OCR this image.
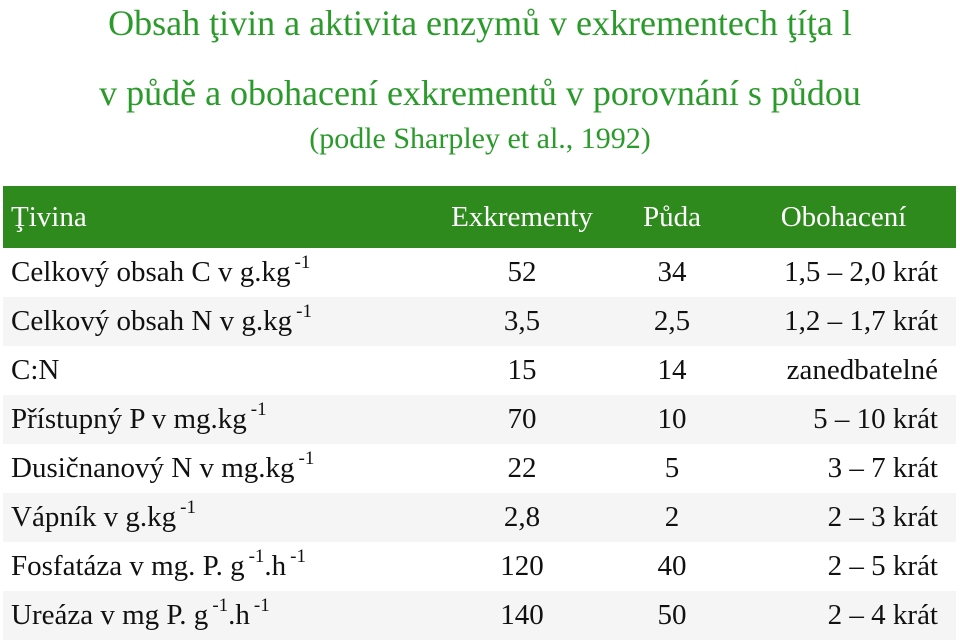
Obsah ţivin a aktivita enzymů v exkrementech ţíţa l
v půdě a obohacení exkrementů v porovnání s půdou
(podle Sharpley et al., 1992)
Ţivina	Exkrementy	Půda	Obohacení
Celkový obsah C v g.kg $^{-1}$	52	34	1,5 – 2,0 krát
Celkový obsah N v g.kg $^{-1}$	3,5	2,5	1,2 – 1,7 krát
C:N	15	14	zanedbatelné
Přístupný P v mg.kg $^{-1}$	70	10	5 – 10 krát
Dusičnanový N v mg.kg $^{-1}$	22	5	3 – 7 krát
Vápník v g.kg $^{-1}$	2,8	2	2 – 3 krát
Fosfatáza v mg. P. g $^{-1}$.h $^{-1}$	120	40	2 – 5 krát
Ureáza v mg P. g $^{-1}$.h $^{-1}$	140	50	2 – 4 krát
